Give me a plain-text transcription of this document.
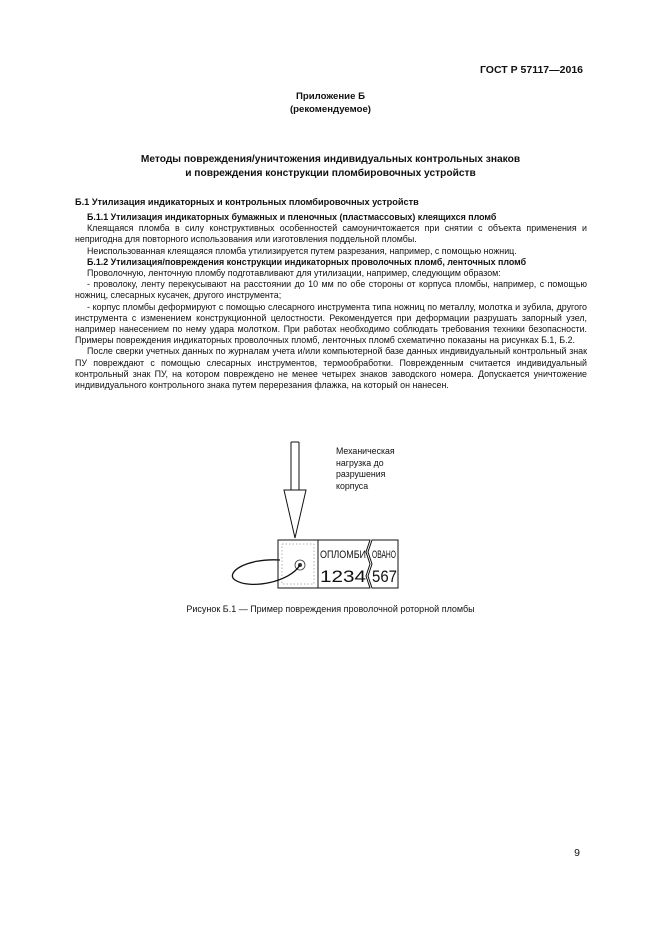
ГОСТ Р 57117—2016
Приложение Б
(рекомендуемое)
Методы повреждения/уничтожения индивидуальных контрольных знаков
и повреждения конструкции пломбировочных устройств
Б.1 Утилизация индикаторных и контрольных пломбировочных устройств

Б.1.1 Утилизация индикаторных бумажных и пленочных (пластмассовых) клеящихся пломб

Клеящаяся пломба в силу конструктивных особенностей самоуничтожается при снятии с объекта применения и непригодна для повторного использования или изготовления поддельной пломбы.

Неиспользованная клеящаяся пломба утилизируется путем разрезания, например, с помощью ножниц.

Б.1.2 Утилизация/повреждения конструкции индикаторных проволочных пломб, ленточных пломб

Проволочную, ленточную пломбу подготавливают для утилизации, например, следующим образом:

- проволоку, ленту перекусывают на расстоянии до 10 мм по обе стороны от корпуса пломбы, например, с помощью ножниц, слесарных кусачек, другого инструмента;

- корпус пломбы деформируют с помощью слесарного инструмента типа ножниц по металлу, молотка и зубила, другого инструмента с изменением конструкционной целостности. Рекомендуется при деформации разрушать запорный узел, например нанесением по нему удара молотком. При работах необходимо соблюдать требования техники безопасности. Примеры повреждения индикаторных проволочных пломб, ленточных пломб схематично показаны на рисунках Б.1, Б.2.

После сверки учетных данных по журналам учета и/или компьютерной базе данных индивидуальный контрольный знак ПУ повреждают с помощью слесарных инструментов, термообработки. Поврежденным считается индивидуальный контрольный знак ПУ, на котором повреждено не менее четырех знаков заводского номера. Допускается уничтожение индивидуального контрольного знака путем перерезания флажка, на который он нанесен.

ОПЛОМБИ ОВАНО
1234 567
Механическая
нагрузка до
разрушения
корпуса
Рисунок Б.1 — Пример повреждения проволочной роторной пломбы
9
